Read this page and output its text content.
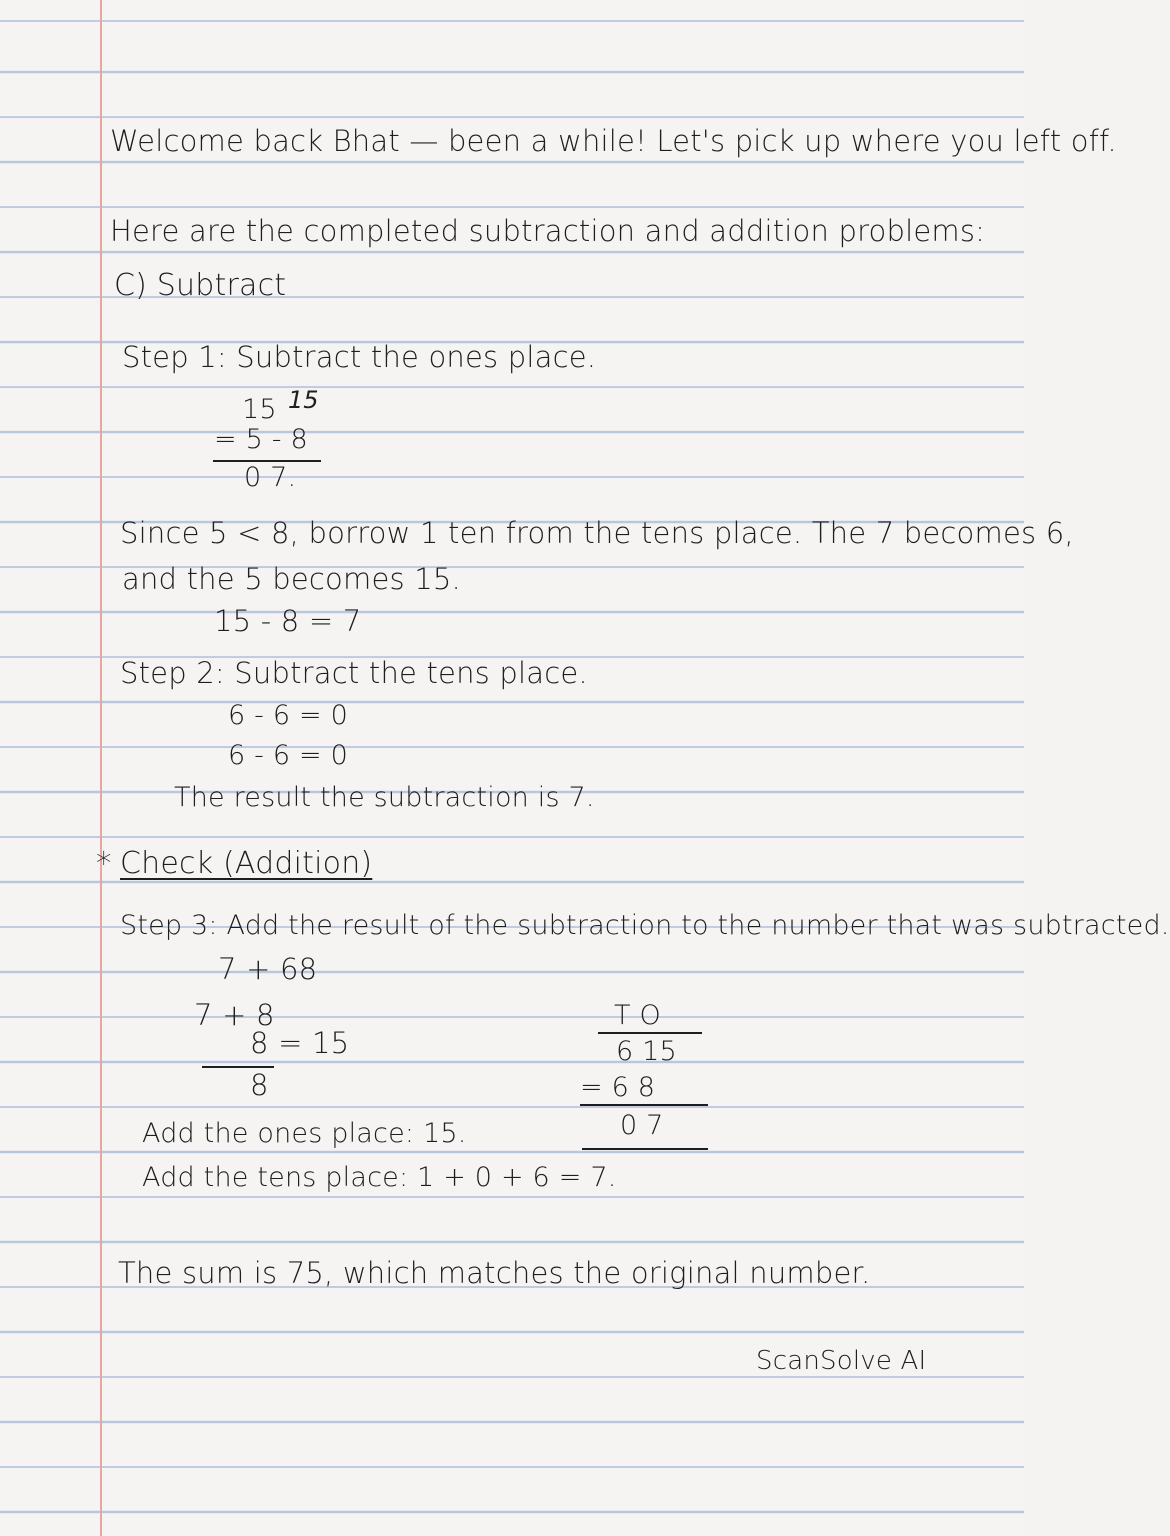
Welcome back Bhat — been a while! Let's pick up where you left off.
Here are the completed subtraction and addition problems:
C) Subtract
Step 1: Subtract the ones place.
15 15
= 5 - 8
0 7.
Since 5 < 8, borrow 1 ten from the tens place. The 7 becomes 6,
and the 5 becomes 15.
15 - 8 = 7
Step 2: Subtract the tens place.
6 - 6 = 0
6 - 6 = 0
The result the subtraction is 7.
* Check (Addition)
Step 3: Add the result of the subtraction to the number that was subtracted.
7 + 68
7 + 8
8 = 15
8
Add the ones place: 15.
Add the tens place: 1 + 0 + 6 = 7.
T O
6 15
= 6 8
0 7
The sum is 75, which matches the original number.
ScanSolve AI
